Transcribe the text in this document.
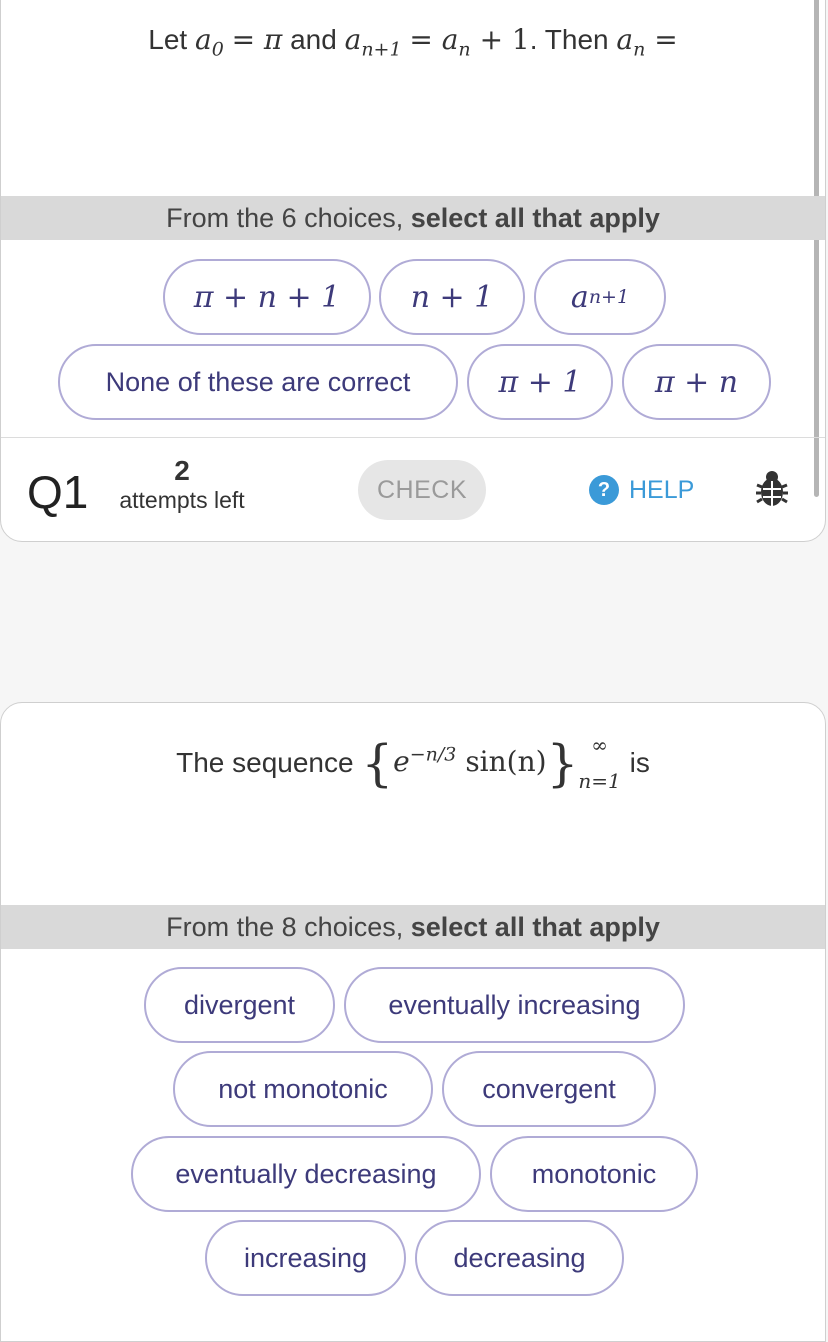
Let $a_0 = \pi$ and $a_{n+1} = a_n + 1$. Then $a_n$ =
From the 6 choices, select all that apply
π + n + 1	n + 1	a n+1
None of these are correct	π + 1	π + n
Q1	2
attempts left	CHECK	? HELP
The sequence {$e^{-n/3}$ sin(n)} ∞
n=1
is
From the 8 choices, select all that apply
divergent	eventually increasing
not monotonic	convergent
eventually decreasing	monotonic
increasing	decreasing
